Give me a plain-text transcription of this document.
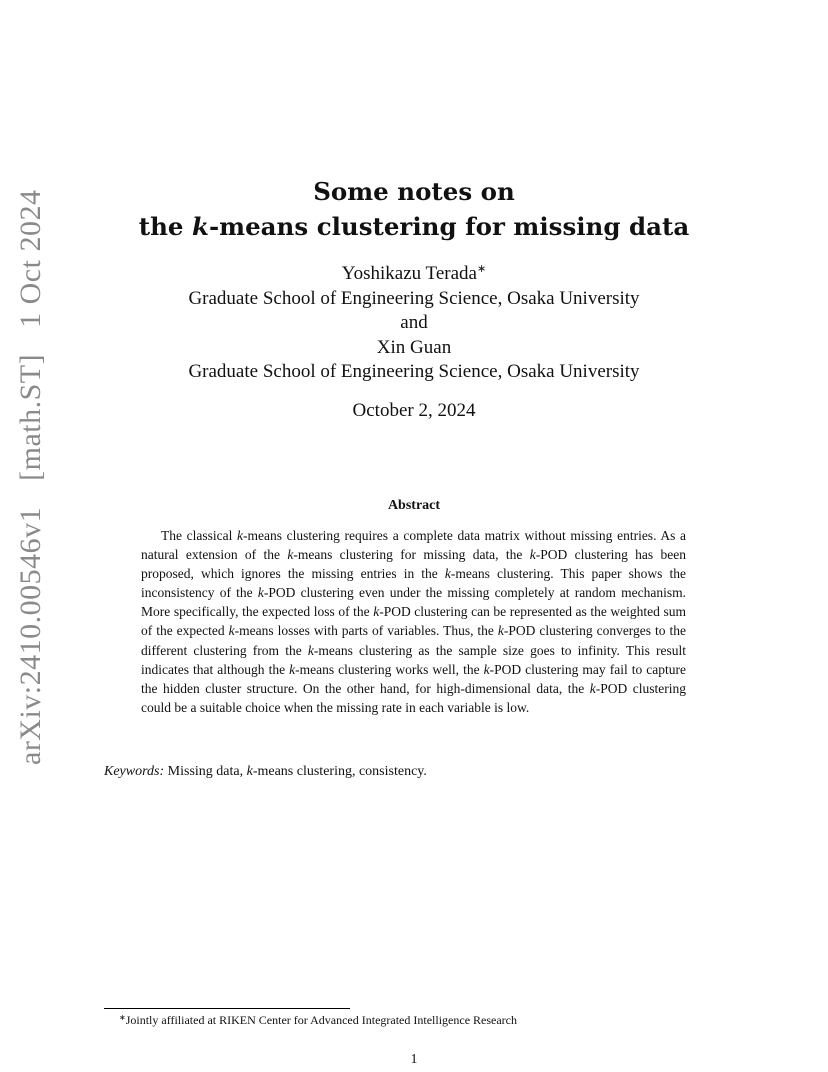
arXiv:2410.00546v1 [math.ST] 1 Oct 2024	Some notes on
the k-means clustering for missing data
Yoshikazu Terada∗
Graduate School of Engineering Science, Osaka University
and
Xin Guan
Graduate School of Engineering Science, Osaka University
October 2, 2024
Abstract

The classical k-means clustering requires a complete data matrix without missing entries. As a natural extension of the k-means clustering for missing data, the k-POD clustering has been proposed, which ignores the missing entries in the k-means clustering. This paper shows the inconsistency of the k-POD clustering even under the missing completely at random mechanism. More specifically, the expected loss of the k-POD clustering can be represented as the weighted sum of the expected k-means losses with parts of variables. Thus, the k-POD clustering converges to the different clustering from the k-means clustering as the sample size goes to infinity. This result indicates that although the k-means clustering works well, the k-POD clustering may fail to capture the hidden cluster structure. On the other hand, for high-dimensional data, the k-POD clustering could be a suitable choice when the missing rate in each variable is low.

Keywords: Missing data, k-means clustering, consistency.
∗Jointly affiliated at RIKEN Center for Advanced Integrated Intelligence Research
1
